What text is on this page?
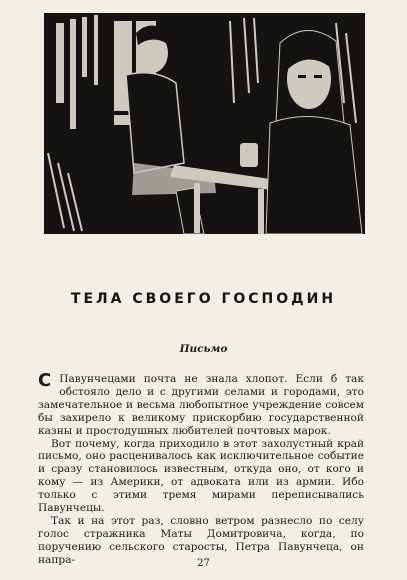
ТЕЛА СВОЕГО ГОСПОДИН
Письмо

С Павунчецами почта не знала хлопот. Если б так обстояло дело и с другими селами и городами, это замечательное и весьма любопытное учреждение совсем бы захирело к великому прискорбию государственной казны и простодушных любителей почтовых марок.

Вот почему, когда приходило в этот захолустный край письмо, оно расценивалось как исключительное событие и сразу становилось известным, откуда оно, от кого и кому — из Америки, от адвоката или из армии. Ибо только с этими тремя мирами переписывались Павунчецы.

Так и на этот раз, словно ветром разнесло по селу голос стражника Маты Домитровича, когда, по поручению сельского старосты, Петра Павунчеца, он напра-	27
